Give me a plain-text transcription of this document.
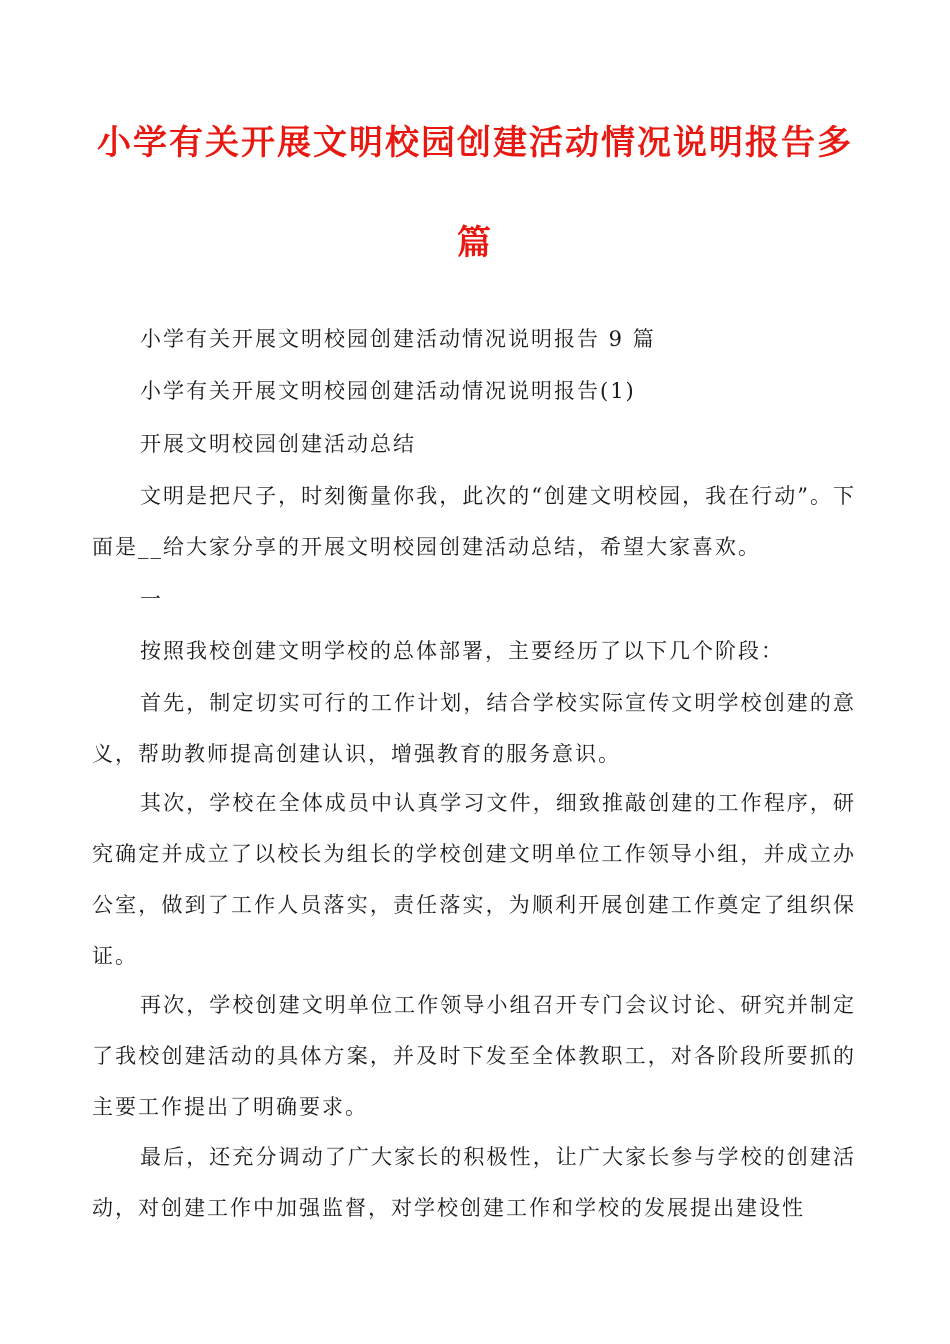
小学有关开展文明校园创建活动情况说明报告多
篇
小学有关开展文明校园创建活动情况说明报告 9 篇
小学有关开展文明校园创建活动情况说明报告(1)
开展文明校园创建活动总结
文明是把尺子，时刻衡量你我，此次的“创建文明校园，我在行动”。下面是__给大家分享的开展文明校园创建活动总结，希望大家喜欢。
一
按照我校创建文明学校的总体部署，主要经历了以下几个阶段：
首先，制定切实可行的工作计划，结合学校实际宣传文明学校创建的意义，帮助教师提高创建认识，增强教育的服务意识。
其次，学校在全体成员中认真学习文件，细致推敲创建的工作程序，研究确定并成立了以校长为组长的学校创建文明单位工作领导小组，并成立办公室，做到了工作人员落实，责任落实，为顺利开展创建工作奠定了组织保证。
再次，学校创建文明单位工作领导小组召开专门会议讨论、研究并制定了我校创建活动的具体方案，并及时下发至全体教职工，对各阶段所要抓的主要工作提出了明确要求。
最后，还充分调动了广大家长的积极性，让广大家长参与学校的创建活动，对创建工作中加强监督，对学校创建工作和学校的发展提出建设性
